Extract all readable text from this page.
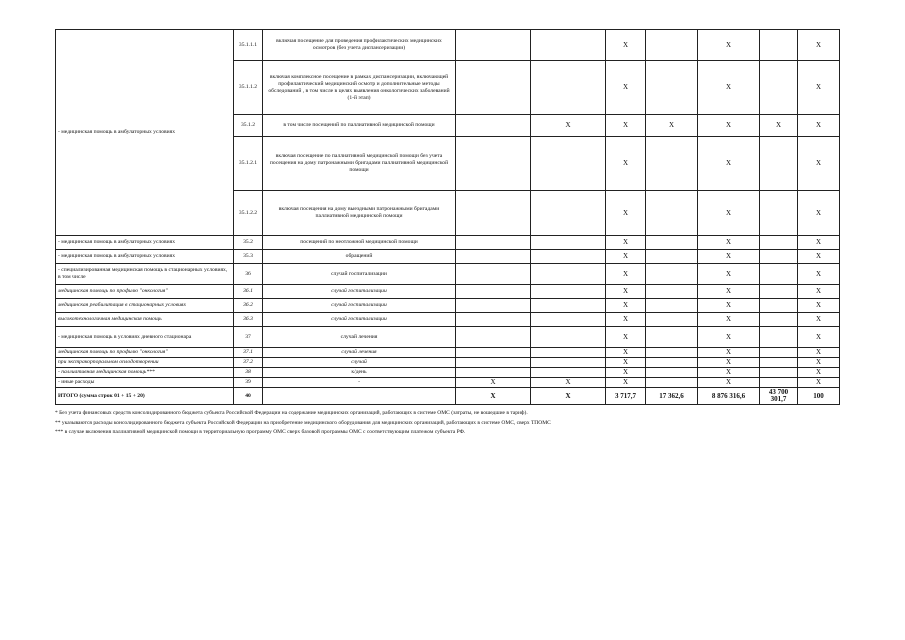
- медицинская помощь в амбулаторных условиях	35.1.1.1	включая посещение для проведения профилактических медицинских осмотров (без учета диспансеризации)			Х		Х		Х
	35.1.1.2	включая комплексное посещение в рамках диспансеризации, включающей профилактический медицинский осмотр и дополнительные методы обследований , в том числе в целях выявления онкологических заболеваний (1-й этап)			Х		Х		Х
	35.1.2	в том числе посещений по паллиативной медицинской помощи		Х	Х	Х	Х	Х	Х
	35.1.2.1	включая посещение по паллиативной медицинской помощи без учета посещения на дому патронажными бригадами паллиативной медицинской помощи			Х		Х		Х
	35.1.2.2	включая посещения на дому выездными патронажными бригадами паллиативной медицинской помощи			Х		Х		Х
- медицинская помощь в амбулаторных условиях	35.2	посещений по неотложной медицинской помощи			Х		Х		Х
- медицинская помощь в амбулаторных условиях	35.3	обращений			Х		Х		Х
- специализированная медицинская помощь в стационарных условиях, в том числе	36	случай госпитализации			Х		Х		Х
медицинская помощь по профилю "онкология"	36.1	случай госпитализации			Х		Х		Х
медицинская реабилитация в стационарных условиях	36.2	случай госпитализации			Х		Х		Х
высокотехнологичная медицинская помощь	36.3	случай госпитализации			Х		Х		Х
- медицинская помощь в условиях дневного стационара	37	случай лечения			Х		Х		Х
медицинская помощь по профилю "онкология"	37.1	случай лечения			Х		Х		Х
при экстракорпоральном оплодотворении	37.2	случай			Х		Х		Х
- паллиативная медицинская помощь***	38	к/день			Х		Х		Х
- иные расходы	39	-	Х	Х	Х		Х		Х
ИТОГО (сумма строк 01 + 15 + 20)	40		Х	Х	3 717,7	17 362,6	8 876 316,6	43 700 301,7	100
* Без учета финансовых средств консолидированного бюджета субъекта Российской Федерации на содержание медицинских организаций, работающих в системе ОМС (затраты, не вошедшие в тариф).
** указываются расходы консолидированного бюджета субъекта Российской Федерации на приобретение медицинского оборудования для медицинских организаций, работающих в системе ОМС, сверх ТПОМС
*** в случае включения паллиативной медицинской помощи в территориальную программу ОМС сверх базовой программы ОМС с соответствующим платежом субъекта РФ.
